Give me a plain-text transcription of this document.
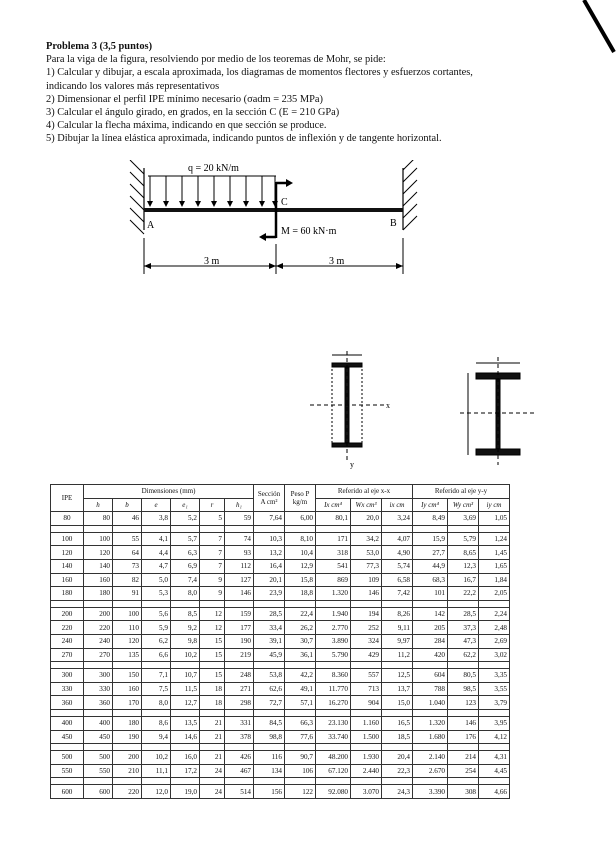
Problema 3 (3,5 puntos)
Para la viga de la figura, resolviendo por medio de los teoremas de Mohr, se pide:
1) Calcular y dibujar, a escala aproximada, los diagramas de momentos flectores y esfuerzos cortantes,
indicando los valores más representativos
2) Dimensionar el perfil IPE mínimo necesario (σadm = 235 MPa)
3) Calcular el ángulo girado, en grados, en la sección C (E = 210 GPa)
4) Calcular la flecha máxima, indicando en que sección se produce.
5) Dibujar la línea elástica aproximada, indicando puntos de inflexión y de tangente horizontal.
q = 20 kN/m
C
M = 60 kN·m
A	B
3 m	3 m
x
y
IPE	Dimensiones (mm)						Sección A cm²	Peso P kg/m	Referido al eje x-x			Referido al eje y-y		
	h	b	e	e₁	r	h₁			Ix cm⁴	Wx cm³	ix cm	Iy cm⁴	Wy cm³	iy cm
80	80	46	3,8	5,2	5	59	7,64	6,00	80,1	20,0	3,24	8,49	3,69	1,05

100	100	55	4,1	5,7	7	74	10,3	8,10	171	34,2	4,07	15,9	5,79	1,24
120	120	64	4,4	6,3	7	93	13,2	10,4	318	53,0	4,90	27,7	8,65	1,45
140	140	73	4,7	6,9	7	112	16,4	12,9	541	77,3	5,74	44,9	12,3	1,65
160	160	82	5,0	7,4	9	127	20,1	15,8	869	109	6,58	68,3	16,7	1,84
180	180	91	5,3	8,0	9	146	23,9	18,8	1.320	146	7,42	101	22,2	2,05

200	200	100	5,6	8,5	12	159	28,5	22,4	1.940	194	8,26	142	28,5	2,24
220	220	110	5,9	9,2	12	177	33,4	26,2	2.770	252	9,11	205	37,3	2,48
240	240	120	6,2	9,8	15	190	39,1	30,7	3.890	324	9,97	284	47,3	2,69
270	270	135	6,6	10,2	15	219	45,9	36,1	5.790	429	11,2	420	62,2	3,02

300	300	150	7,1	10,7	15	248	53,8	42,2	8.360	557	12,5	604	80,5	3,35
330	330	160	7,5	11,5	18	271	62,6	49,1	11.770	713	13,7	788	98,5	3,55
360	360	170	8,0	12,7	18	298	72,7	57,1	16.270	904	15,0	1.040	123	3,79

400	400	180	8,6	13,5	21	331	84,5	66,3	23.130	1.160	16,5	1.320	146	3,95
450	450	190	9,4	14,6	21	378	98,8	77,6	33.740	1.500	18,5	1.680	176	4,12

500	500	200	10,2	16,0	21	426	116	90,7	48.200	1.930	20,4	2.140	214	4,31
550	550	210	11,1	17,2	24	467	134	106	67.120	2.440	22,3	2.670	254	4,45

600	600	220	12,0	19,0	24	514	156	122	92.080	3.070	24,3	3.390	308	4,66
